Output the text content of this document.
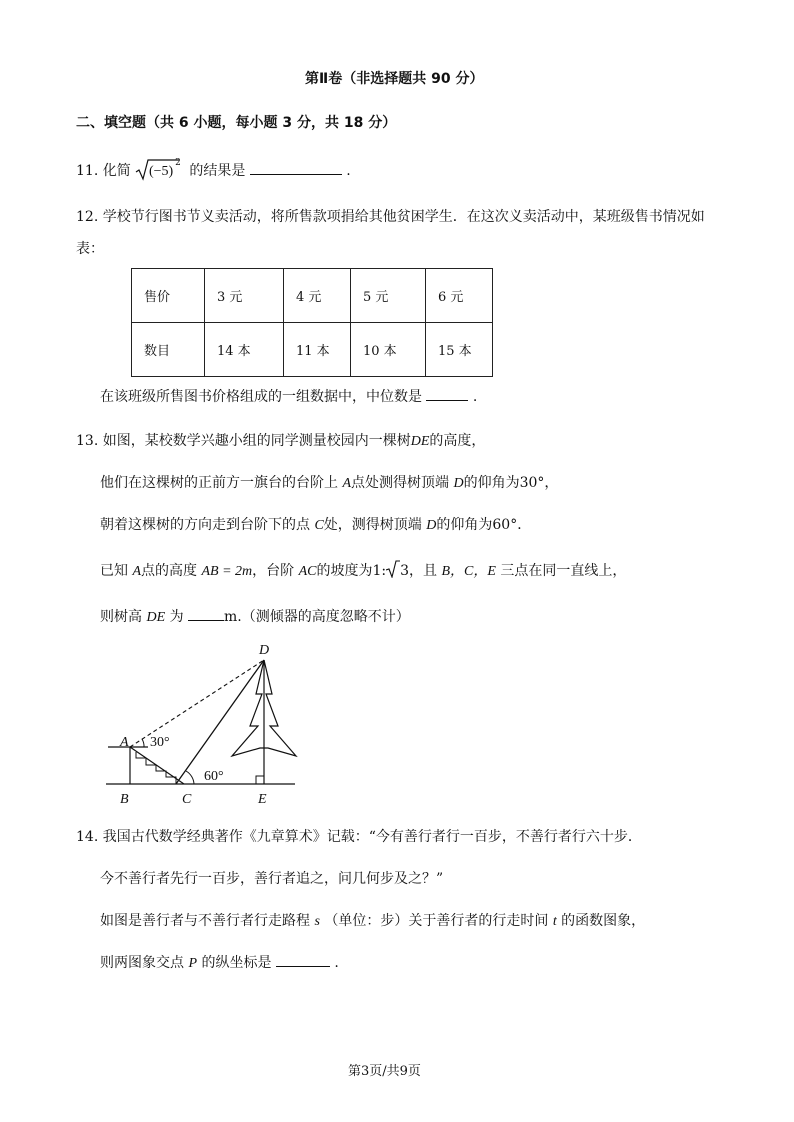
第Ⅱ卷（非选择题共 90 分）
二、填空题（共 6 小题，每小题 3 分，共 18 分）
11. 化简 (−5)
$^2$ 的结果是	.
12. 学校节行图书节义卖活动，将所售款项捐给其他贫困学生．在这次义卖活动中，某班级售书情况如
表：
售价	3 元	4 元	5 元	6 元
数目	14 本	11 本	10 本	15 本
在该班级所售图书价格组成的一组数据中，中位数是	.
13. 如图，某校数学兴趣小组的同学测量校园内一棵树DE的高度，
他们在这棵树的正前方一旗台的台阶上 A点处测得树顶端 D的仰角为30°，
朝着这棵树的方向走到台阶下的点 C处，测得树顶端 D的仰角为60°．
已知 A点的高度 AB = 2m，台阶 AC的坡度为1: 3，且 B，C，E 三点在同一直线上，
则树高 DE 为	m.（测倾器的高度忽略不计）
D
A 30°
60°
B	C	E
14. 我国古代数学经典著作《九章算术》记载：“今有善行者行一百步，不善行者行六十步．
今不善行者先行一百步，善行者追之，问几何步及之？”
如图是善行者与不善行者行走路程 s （单位：步）关于善行者的行走时间 t 的函数图象，
则两图象交点 P 的纵坐标是	.
第3页/共9页
